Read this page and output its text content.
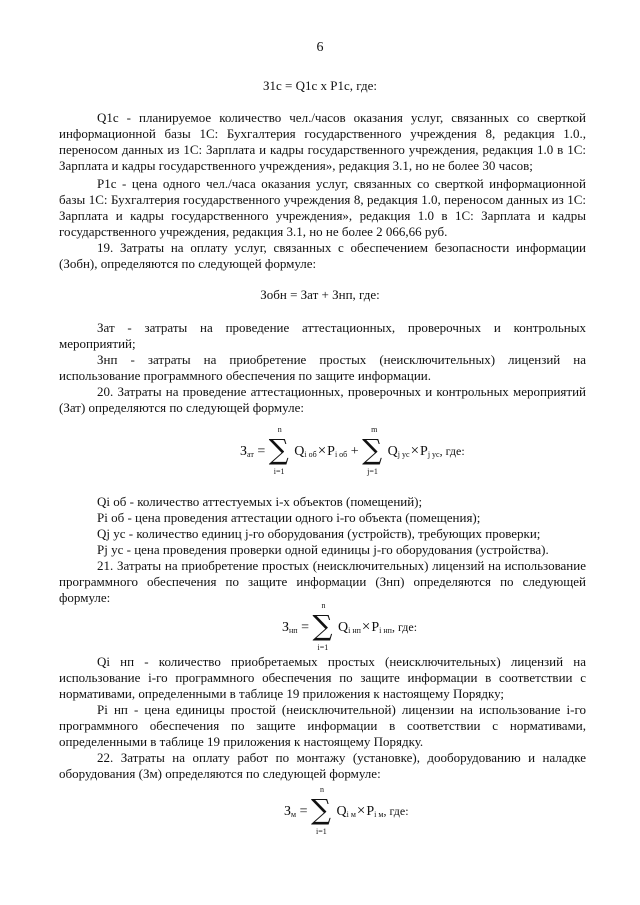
6
З1с = Q1с х P1с, где:

Q1с - планируемое количество чел./часов оказания услуг, связанных со сверткой информационной базы 1С: Бухгалтерия государственного учреждения 8, редакция 1.0., переносом данных из 1С: Зарплата и кадры государственного учреждения, редакция 1.0 в 1С: Зарплата и кадры государственного учреждения», редакция 3.1, но не более 30 часов;

P1с - цена одного чел./часа оказания услуг, связанных со сверткой информационной базы 1С: Бухгалтерия государственного учреждения 8, редакция 1.0, переносом данных из 1С: Зарплата и кадры государственного учреждения», редакция 1.0 в 1С: Зарплата и кадры государственного учреждения, редакция 3.1, но не более 2 066,66 руб.

19. Затраты на оплату услуг, связанных с обеспечением безопасности информации (Зобн), определяются по следующей формуле:

Зобн = Зат + Знп, где:

Зат - затраты на проведение аттестационных, проверочных и контрольных мероприятий;

Знп - затраты на приобретение простых (неисключительных) лицензий на использование программного обеспечения по защите информации.

20. Затраты на проведение аттестационных, проверочных и контрольных мероприятий (Зат) определяются по следующей формуле:

$З_{ат}$ =
n
∑
i=1
$Q_{i об}\times P_{i об}$ +
m
∑
j=1
$Q_{j ус}\times P_{j ус}$, где:

Qi об - количество аттестуемых i-х объектов (помещений);

Pi об - цена проведения аттестации одного i-го объекта (помещения);

Qj ус - количество единиц j-го оборудования (устройств), требующих проверки;

Pj ус - цена проведения проверки одной единицы j-го оборудования (устройства).

21. Затраты на приобретение простых (неисключительных) лицензий на использование программного обеспечения по защите информации (Знп) определяются по следующей формуле:

$З_{нп}$ =
n
∑
i=1
$Q_{i нп}\times P_{i нп}$, где:

Qi нп - количество приобретаемых простых (неисключительных) лицензий на использование i-го программного обеспечения по защите информации в соответствии с нормативами, определенными в таблице 19 приложения к настоящему Порядку;

Pi нп - цена единицы простой (неисключительной) лицензии на использование i-го программного обеспечения по защите информации в соответствии с нормативами, определенными в таблице 19 приложения к настоящему Порядку.

22. Затраты на оплату работ по монтажу (установке), дооборудованию и наладке оборудования (Зм) определяются по следующей формуле:

$З_м$ =
n
∑
i=1
$Q_{i м}\times P_{i м}$, где:
